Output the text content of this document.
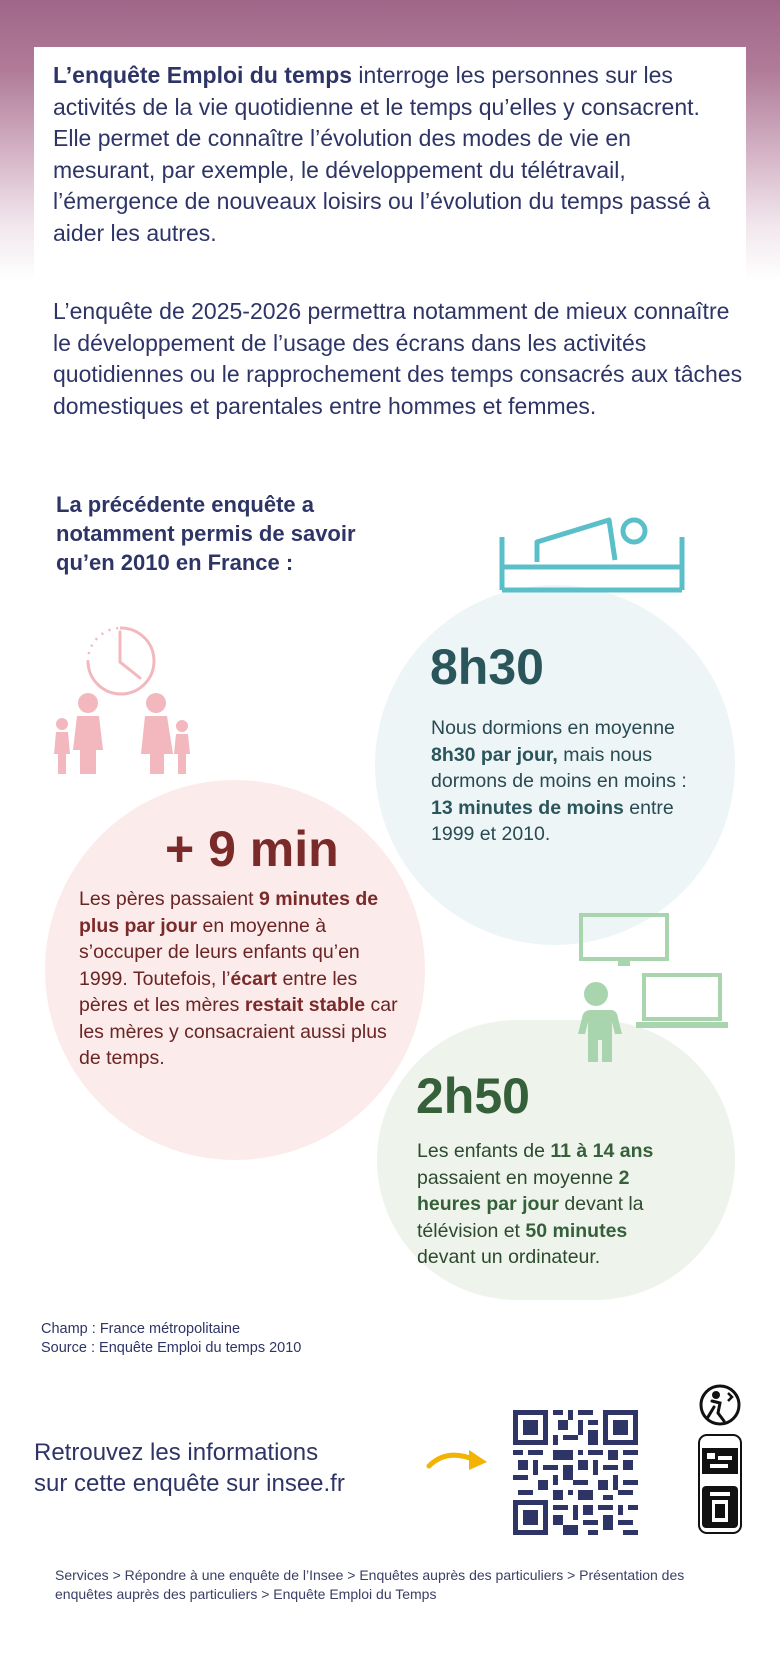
L’enquête Emploi du temps interroge les personnes sur les activités de la vie quotidienne et le temps qu’elles y consacrent. Elle permet de connaître l’évolution des modes de vie en mesurant, par exemple, le développement du télétravail, l’émergence de nouveaux loisirs ou l’évolution du temps passé à aider les autres.

L’enquête de 2025-2026 permettra notamment de mieux connaître le développement de l’usage des écrans dans les activités quotidiennes ou le rapprochement des temps consacrés aux tâches domestiques et parentales entre hommes et femmes.

La précédente enquête a notamment permis de savoir qu’en 2010 en France :

8h30

Nous dormions en moyenne 8h30 par jour, mais nous dormons de moins en moins :
13 minutes de moins entre 1999 et 2010.

+ 9 min

Les pères passaient 9 minutes de plus par jour en moyenne à s’occuper de leurs enfants qu’en 1999. Toutefois, l’écart entre les pères et les mères restait stable car les mères y consacraient aussi plus de temps.

2h50

Les enfants de 11 à 14 ans passaient en moyenne 2 heures par jour devant la télévision et 50 minutes devant un ordinateur.

Champ : France métropolitaine
Source : Enquête Emploi du temps 2010

Retrouvez les informations
sur cette enquête sur insee.fr

Services > Répondre à une enquête de l’Insee > Enquêtes auprès des particuliers > Présentation des enquêtes auprès des particuliers > Enquête Emploi du Temps
